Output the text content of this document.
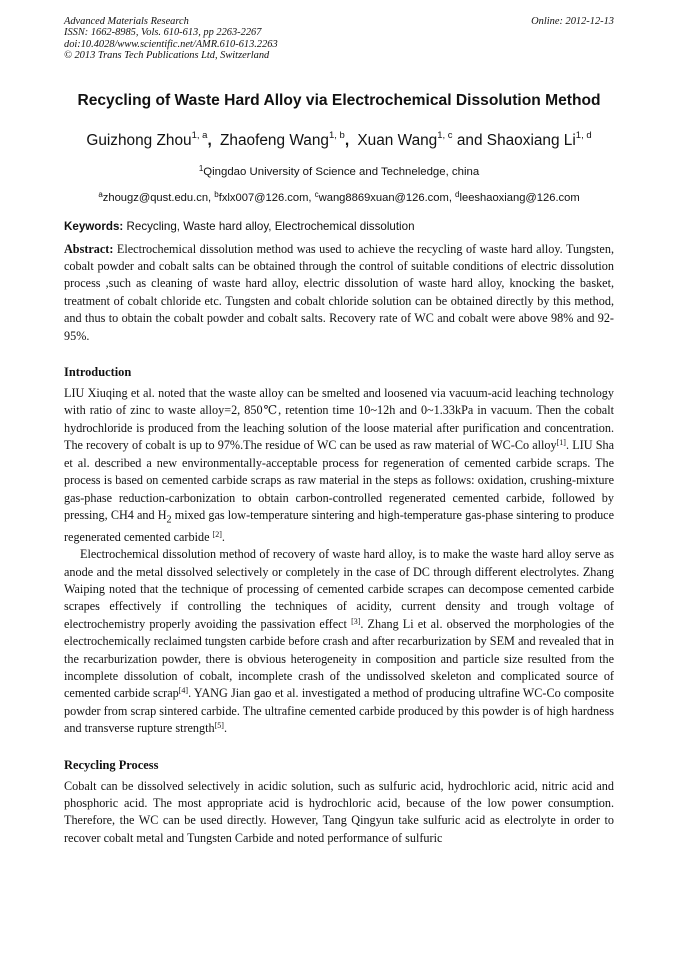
Advanced Materials Research
ISSN: 1662-8985, Vols. 610-613, pp 2263-2267
doi:10.4028/www.scientific.net/AMR.610-613.2263
© 2013 Trans Tech Publications Ltd, Switzerland
Online: 2012-12-13
Recycling of Waste Hard Alloy via Electrochemical Dissolution Method
Guizhong Zhou$^{1, a}$, Zhaofeng Wang$^{1, b}$, Xuan Wang$^{1, c}$ and Shaoxiang Li$^{1, d}$
$^1$Qingdao University of Science and Techneledge, china
$^a$zhougz@qust.edu.cn, $^b$fxlx007@126.com, $^c$wang8869xuan@126.com, $^d$leeshaoxiang@126.com
Keywords: Recycling, Waste hard alloy, Electrochemical dissolution
Abstract: Electrochemical dissolution method was used to achieve the recycling of waste hard alloy. Tungsten, cobalt powder and cobalt salts can be obtained through the control of suitable conditions of electric dissolution process ,such as cleaning of waste hard alloy, electric dissolution of waste hard alloy, knocking the basket, treatment of cobalt chloride etc. Tungsten and cobalt chloride solution can be obtained directly by this method, and thus to obtain the cobalt powder and cobalt salts. Recovery rate of WC and cobalt were above 98% and 92-95%.
Introduction

LIU Xiuqing et al. noted that the waste alloy can be smelted and loosened via vacuum-acid leaching technology with ratio of zinc to waste alloy=2, 850℃, retention time 10~12h and 0~1.33kPa in vacuum. Then the cobalt hydrochloride is produced from the leaching solution of the loose material after purification and concentration. The recovery of cobalt is up to 97%.The residue of WC can be used as raw material of WC-Co alloy[1]. LIU Sha et al. described a new environmentally-acceptable process for regeneration of cemented carbide scraps. The process is based on cemented carbide scraps as raw material in the steps as follows: oxidation, crushing-mixture gas-phase reduction-carbonization to obtain carbon-controlled regenerated cemented carbide, followed by pressing, CH4 and $H_2$ mixed gas low-temperature sintering and high-temperature gas-phase sintering to produce regenerated cemented carbide [2].

Electrochemical dissolution method of recovery of waste hard alloy, is to make the waste hard alloy serve as anode and the metal dissolved selectively or completely in the case of DC through different electrolytes. Zhang Waiping noted that the technique of processing of cemented carbide scrapes can decompose cemented carbide scrapes effectively if controlling the techniques of acidity, current density and trough voltage of electrochemistry properly avoiding the passivation effect [3]. Zhang Li et al. observed the morphologies of the electrochemically reclaimed tungsten carbide before crash and after recarburization by SEM and revealed that in the recarburization powder, there is obvious heterogeneity in composition and particle size resulted from the incomplete dissolution of cobalt, incomplete crash of the undissolved skeleton and complicated source of cemented carbide scrap[4]. YANG Jian gao et al. investigated a method of producing ultrafine WC-Co composite powder from scrap sintered carbide. The ultrafine cemented carbide produced by this powder is of high hardness and transverse rupture strength[5].

Recycling Process

Cobalt can be dissolved selectively in acidic solution, such as sulfuric acid, hydrochloric acid, nitric acid and phosphoric acid. The most appropriate acid is hydrochloric acid, because of the low power consumption. Therefore, the WC can be used directly. However, Tang Qingyun take sulfuric acid as electrolyte in order to recover cobalt metal and Tungsten Carbide and noted performance of sulfuric
